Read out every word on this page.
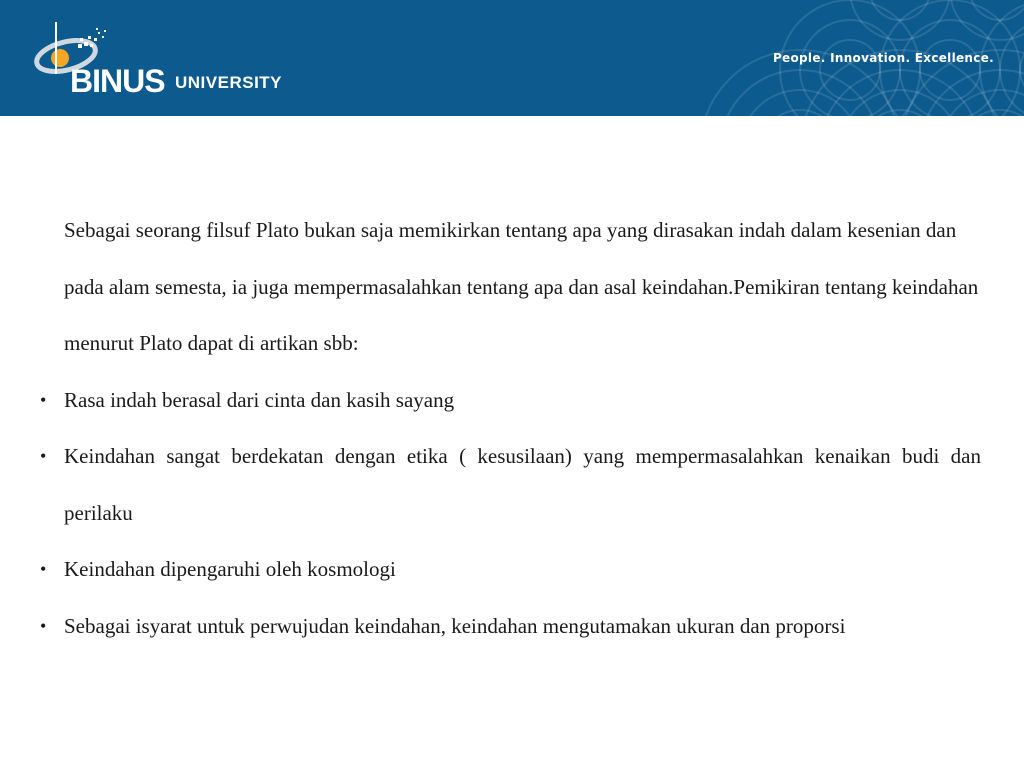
BINUS UNIVERSITY
People. Innovation. Excellence.

Sebagai seorang filsuf Plato bukan saja memikirkan tentang apa yang dirasakan indah dalam kesenian dan pada alam semesta, ia juga mempermasalahkan tentang apa dan asal keindahan.Pemikiran tentang keindahan menurut Plato dapat di artikan sbb:

• Rasa indah berasal dari cinta dan kasih sayang
• Keindahan sangat berdekatan dengan etika ( kesusilaan) yang mempermasalahkan kenaikan budi dan perilaku
• Keindahan dipengaruhi oleh kosmologi
• Sebagai isyarat untuk perwujudan keindahan, keindahan mengutamakan ukuran dan proporsi
